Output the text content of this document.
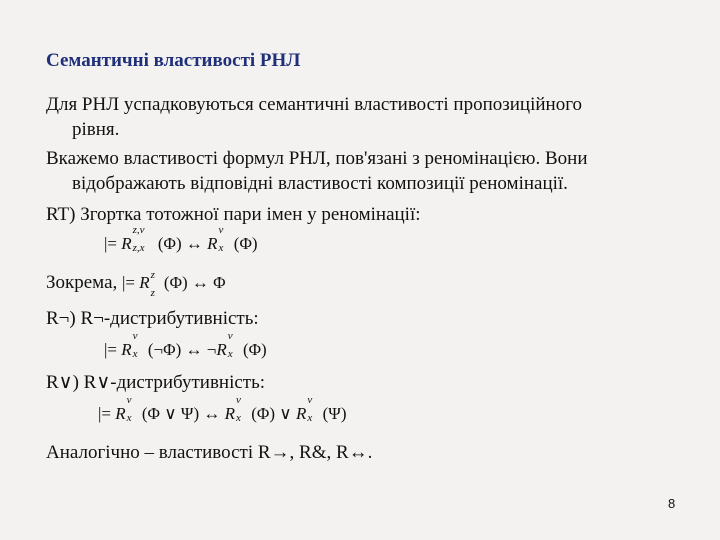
Семантичні властивості РНЛ
Для РНЛ успадковуються семантичні властивості пропозиційного
рівня.
Вкажемо властивості формул РНЛ, пов'язані з реномінацією. Вони
відображають відповідні властивості композиції реномінації.
RT) Згортка тотожної пари імен у реномінації:
|= R
z,v
z,x (Φ) ↔ R
v
x (Φ)
Зокрема, |= R z
z
(Φ) ↔ Φ
R¬) R¬-дистрибутивність:
|= R
v
x (¬Φ) ↔ ¬R
v
x (Φ)
R∨) R∨-дистрибутивність:
|= R
v
x (Φ ∨ Ψ) ↔ R
v
x (Φ) ∨ R
v
x (Ψ)
Аналогічно – властивості R→, R&, R↔.
8
